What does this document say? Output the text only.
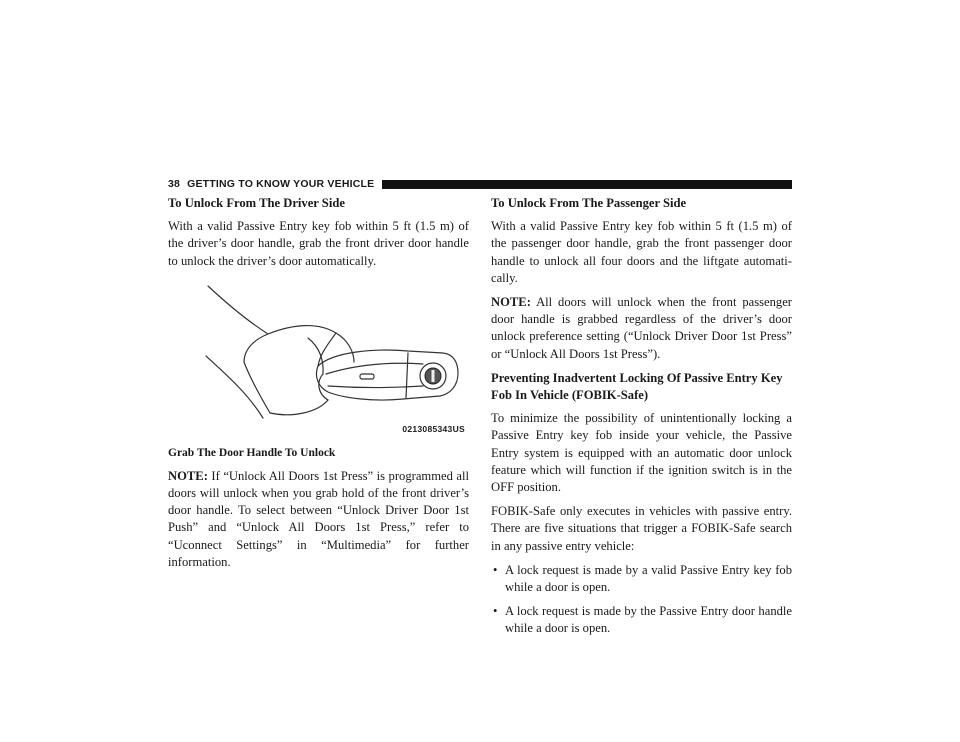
38 GETTING TO KNOW YOUR VEHICLE
To Unlock From The Driver Side

With a valid Passive Entry key fob within 5 ft (1.5 m) of the driver’s door handle, grab the front driver door handle to unlock the driver’s door automatically.

0213085343US

Grab The Door Handle To Unlock

NOTE: If “Unlock All Doors 1st Press” is programmed all doors will unlock when you grab hold of the front driver’s door handle. To select between “Unlock Driver Door 1st Push” and “Unlock All Doors 1st Press,” refer to “Uconnect Settings” in “Multimedia” for further information.

To Unlock From The Passenger Side

With a valid Passive Entry key fob within 5 ft (1.5 m) of the passenger door handle, grab the front passenger door handle to unlock all four doors and the liftgate automati-cally.

NOTE: All doors will unlock when the front passenger door handle is grabbed regardless of the driver’s door unlock preference setting (“Unlock Driver Door 1st Press” or “Unlock All Doors 1st Press”).

Preventing Inadvertent Locking Of Passive Entry Key Fob In Vehicle (FOBIK-Safe)

To minimize the possibility of unintentionally locking a Passive Entry key fob inside your vehicle, the Passive Entry system is equipped with an automatic door unlock feature which will function if the ignition switch is in the OFF position.

FOBIK-Safe only executes in vehicles with passive entry. There are five situations that trigger a FOBIK-Safe search in any passive entry vehicle:

• A lock request is made by a valid Passive Entry key fob while a door is open.
• A lock request is made by the Passive Entry door handle while a door is open.
